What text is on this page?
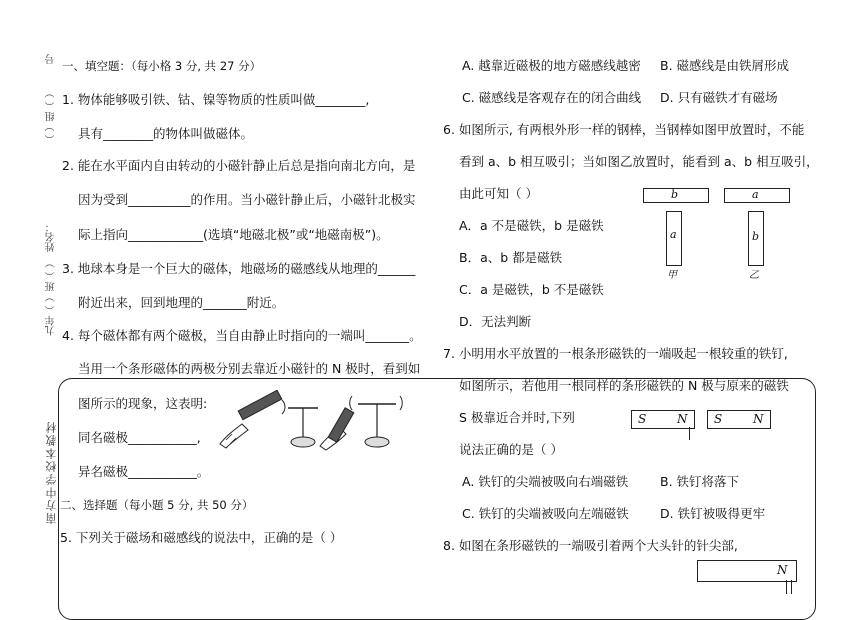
号
（ ）组（ ）
姓名：
班（ ）
九年（ ）
南方中学校本教材
一、填空题：（每小格 3 分, 共 27 分）
1. 物体能够吸引铁、钴、镍等物质的性质叫做________,
具有________的物体叫做磁体。
2. 能在水平面内自由转动的小磁针静止后总是指向南北方向，是
因为受到__________的作用。当小磁针静止后，小磁针北极实
际上指向____________(选填“地磁北极”或“地磁南极”)。
3. 地球本身是一个巨大的磁体，地磁场的磁感线从地理的______
附近出来，回到地理的_______附近。
4. 每个磁体都有两个磁极，当自由静止时指向的一端叫_______。
当用一个条形磁体的两极分别去靠近小磁针的 N 极时，看到如
图所示的现象，这表明:
同名磁极___________,
异名磁极___________。
二、选择题（每小题 5 分, 共 50 分）
5. 下列关于磁场和磁感线的说法中，正确的是（ ）
A. 越靠近磁极的地方磁感线越密 B. 磁感线是由铁屑形成
C. 磁感线是客观存在的闭合曲线 D. 只有磁铁才有磁场
6. 如图所示, 有两根外形一样的钢棒，当钢棒如图甲放置时，不能
看到 a、b 相互吸引；当如图乙放置时，能看到 a、b 相互吸引，
由此可知（ ）
A．a 不是磁铁，b 是磁铁
B．a、b 都是磁铁
C．a 是磁铁，b 不是磁铁
D．无法判断
b
a
甲
a
b
乙
7. 小明用水平放置的一根条形磁铁的一端吸起一根较重的铁钉,
如图所示，若他用一根同样的条形磁铁的 N 极与原来的磁铁
S 极靠近合并时,下列
说法正确的是（ ）
S	N S	N
A. 铁钉的尖端被吸向右端磁铁	B. 铁钉将落下
C. 铁钉的尖端被吸向左端磁铁	D. 铁钉被吸得更牢
8. 如图在条形磁铁的一端吸引着两个大头针的针尖部,
N
